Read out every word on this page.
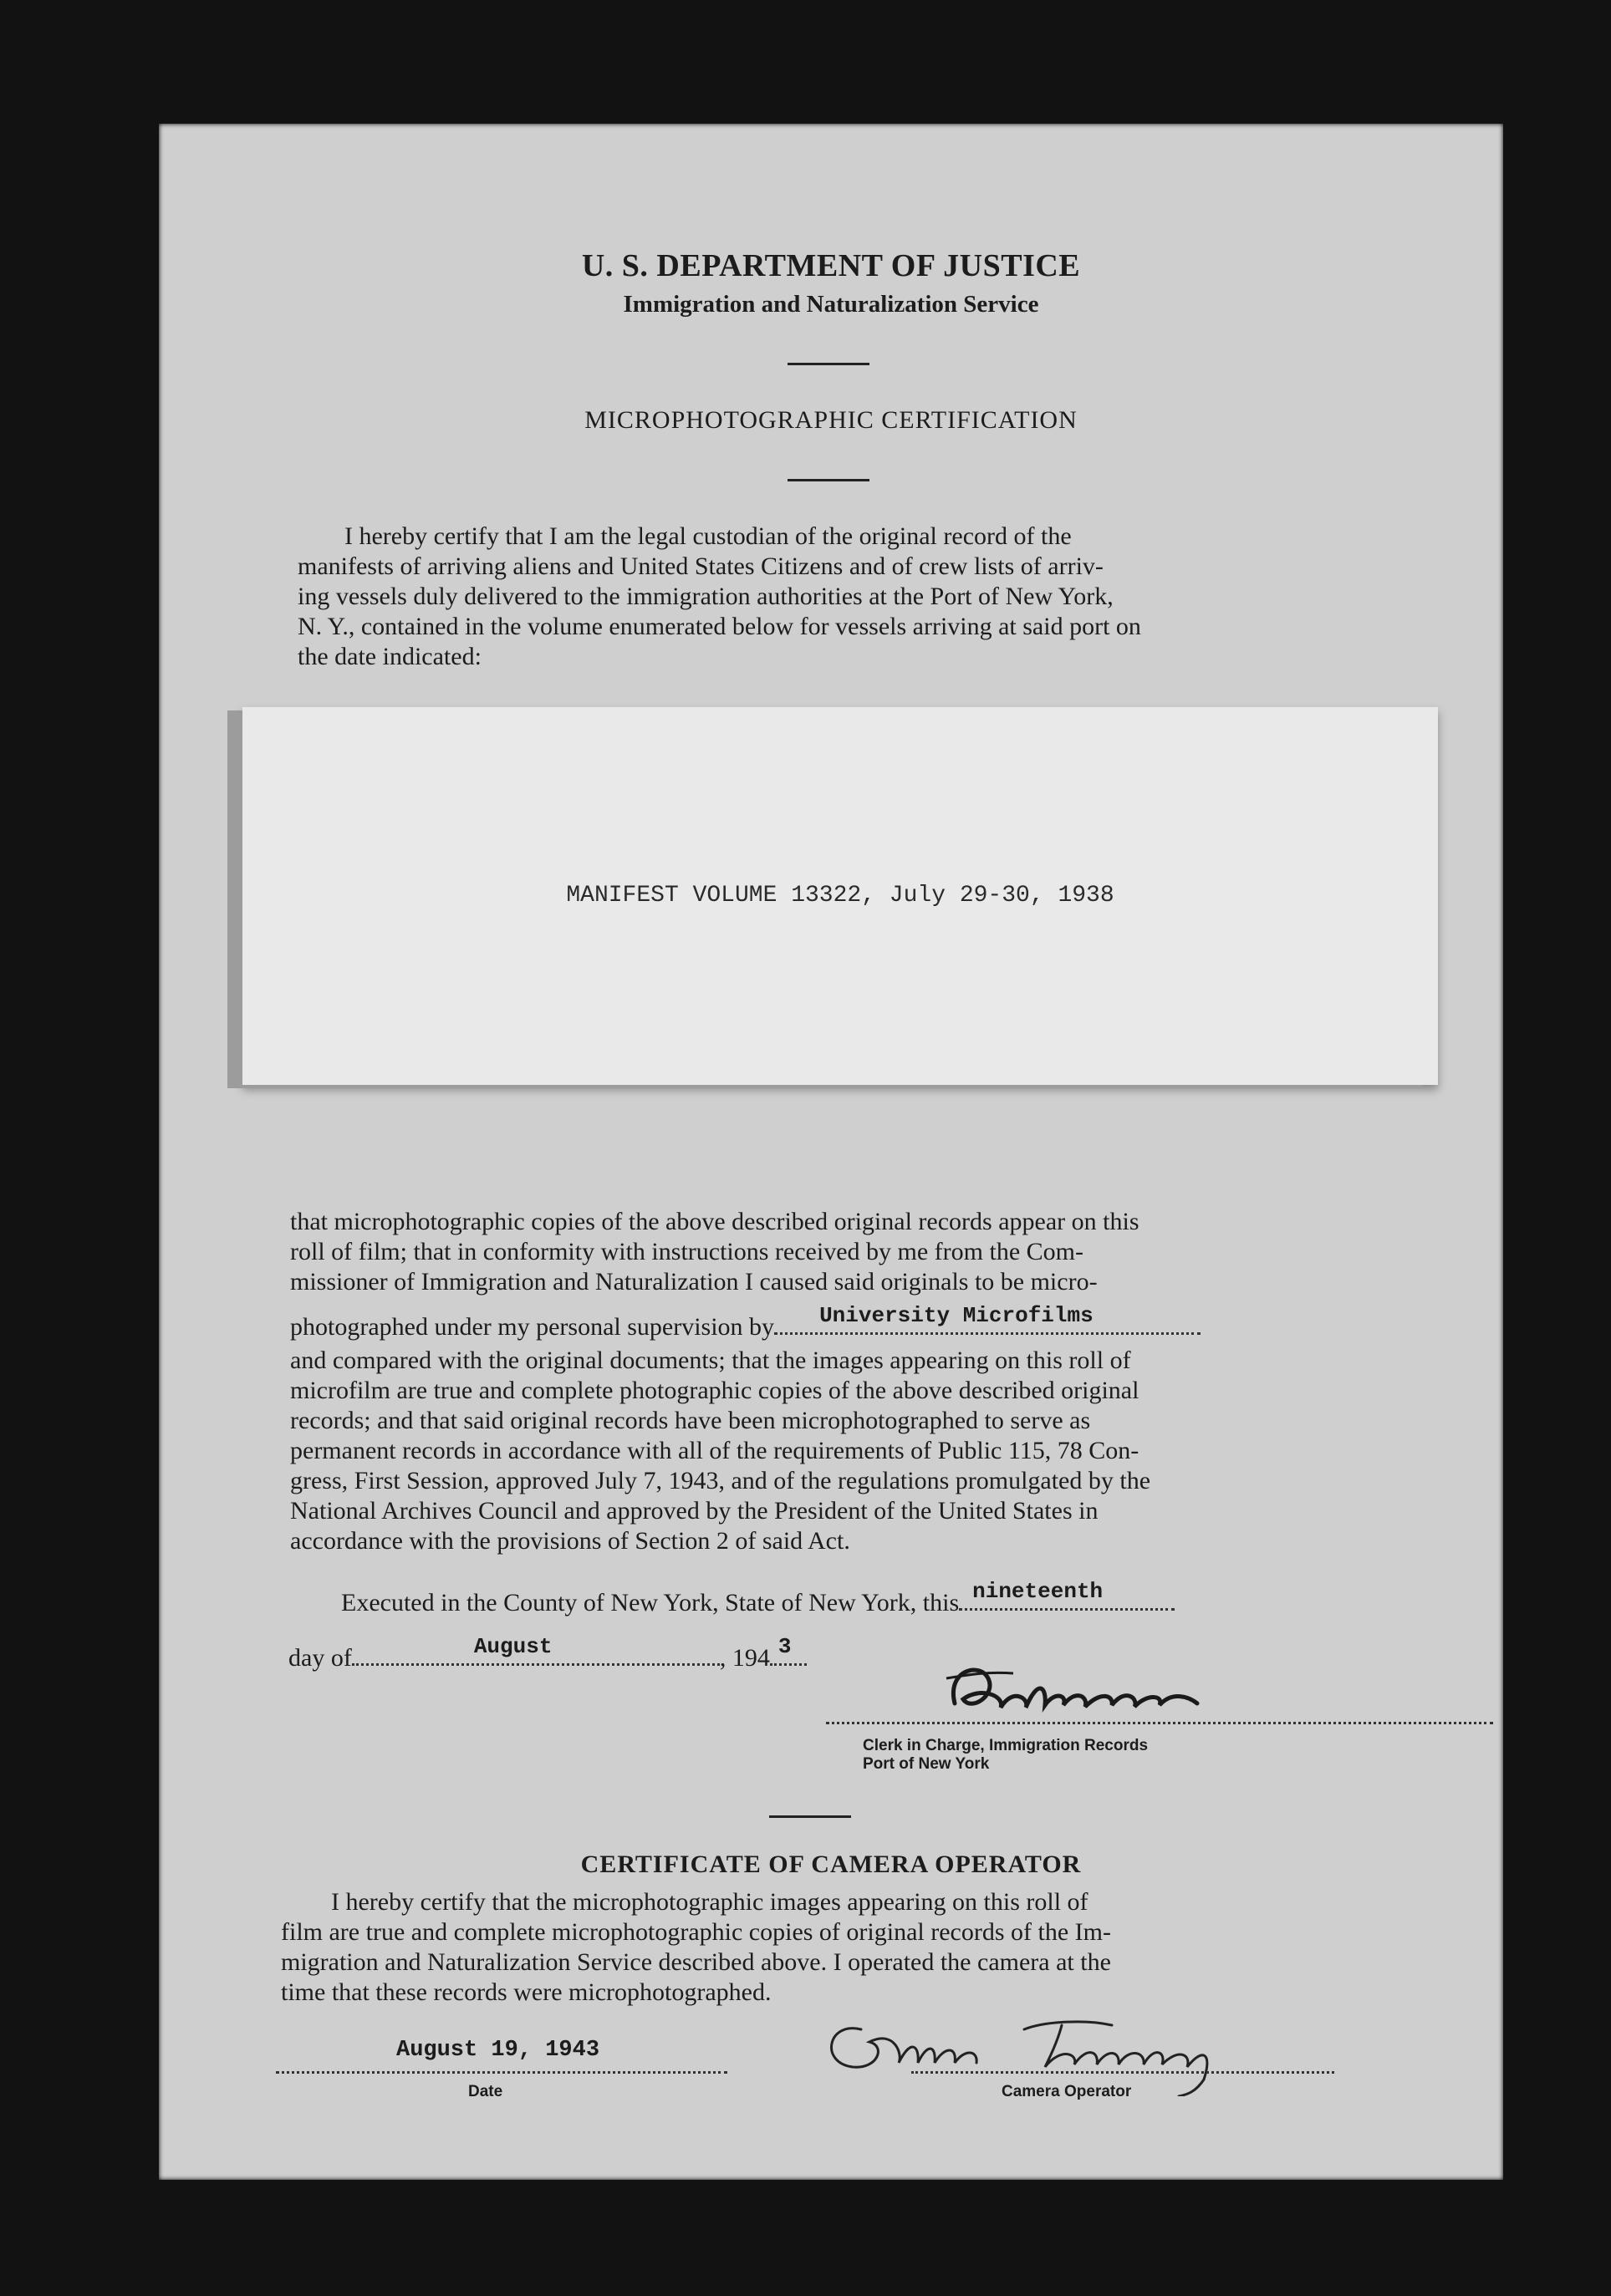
U. S. DEPARTMENT OF JUSTICE
Immigration and Naturalization Service
MICROPHOTOGRAPHIC CERTIFICATION
I hereby certify that I am the legal custodian of the original record of the
manifests of arriving aliens and United States Citizens and of crew lists of arriv-
ing vessels duly delivered to the immigration authorities at the Port of New York,
N. Y., contained in the volume enumerated below for vessels arriving at said port on
the date indicated:
MANIFEST VOLUME 13322, July 29-30, 1938
that microphotographic copies of the above described original records appear on this
roll of film; that in conformity with instructions received by me from the Com-
missioner of Immigration and Naturalization I caused said originals to be micro-
photographed under my personal supervision by University Microfilms
and compared with the original documents; that the images appearing on this roll of
microfilm are true and complete photographic copies of the above described original
records; and that said original records have been microphotographed to serve as
permanent records in accordance with all of the requirements of Public 115, 78 Con-
gress, First Session, approved July 7, 1943, and of the regulations promulgated by the
National Archives Council and approved by the President of the United States in
accordance with the provisions of Section 2 of said Act.
Executed in the County of New York, State of New York, this nineteenth
day of	August	, 194 3
Clerk in Charge, Immigration Records
Port of New York
CERTIFICATE OF CAMERA OPERATOR
I hereby certify that the microphotographic images appearing on this roll of
film are true and complete microphotographic copies of original records of the Im-
migration and Naturalization Service described above. I operated the camera at the
time that these records were microphotographed.
August 19, 1943
Date	Camera Operator
